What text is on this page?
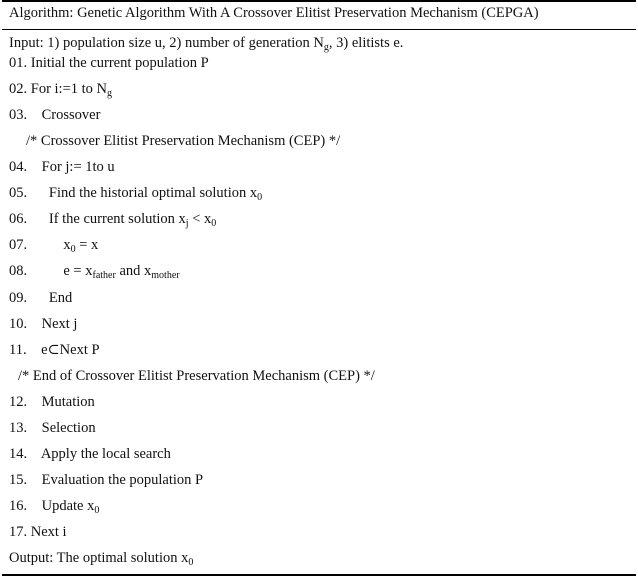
Algorithm: Genetic Algorithm With A Crossover Elitist Preservation Mechanism (CEPGA)
Input: 1) population size u, 2) number of generation $N_g$, 3) elitists e.
01. Initial the current population P
02. For i:=1 to $N_g$
03.    Crossover
/* Crossover Elitist Preservation Mechanism (CEP) */
04.    For j:= 1to u
05.      Find the historial optimal solution $x_0$
06.      If the current solution $x_j < x_0$
07.          $x_0 = x$
08.          $e = x_{father}$ and $x_{mother}$
09.      End
10.    Next j
11.    e⊂Next P
/* End of Crossover Elitist Preservation Mechanism (CEP) */
12.    Mutation
13.    Selection
14.    Apply the local search
15.    Evaluation the population P
16.    Update $x_0$
17. Next i
Output: The optimal solution $x_0$
